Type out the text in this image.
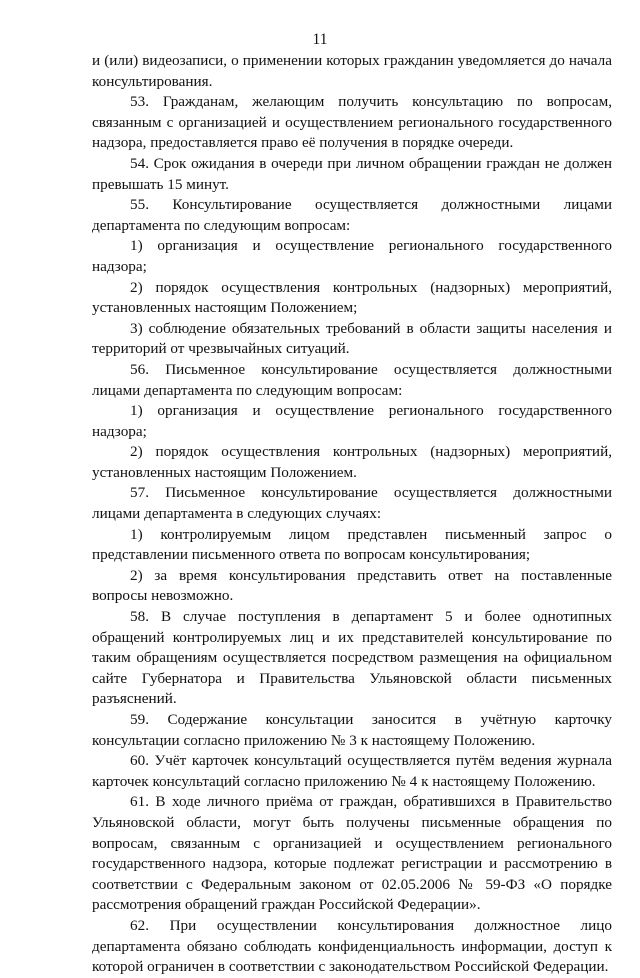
11

и (или) видеозаписи, о применении которых гражданин уведомляется до начала консультирования.

53. Гражданам, желающим получить консультацию по вопросам, связанным с организацией и осуществлением регионального государственного надзора, предоставляется право её получения в порядке очереди.

54. Срок ожидания в очереди при личном обращении граждан не должен превышать 15 минут.

55. Консультирование осуществляется должностными лицами департамента по следующим вопросам:

1) организация и осуществление регионального государственного надзора;

2) порядок осуществления контрольных (надзорных) мероприятий, установленных настоящим Положением;

3) соблюдение обязательных требований в области защиты населения и территорий от чрезвычайных ситуаций.

56. Письменное консультирование осуществляется должностными лицами департамента по следующим вопросам:

1) организация и осуществление регионального государственного надзора;

2) порядок осуществления контрольных (надзорных) мероприятий, установленных настоящим Положением.

57. Письменное консультирование осуществляется должностными лицами департамента в следующих случаях:

1) контролируемым лицом представлен письменный запрос о представлении письменного ответа по вопросам консультирования;

2) за время консультирования представить ответ на поставленные вопросы невозможно.

58. В случае поступления в департамент 5 и более однотипных обращений контролируемых лиц и их представителей консультирование по таким обращениям осуществляется посредством размещения на официальном сайте Губернатора и Правительства Ульяновской области письменных разъяснений.

59. Содержание консультации заносится в учётную карточку консультации согласно приложению № 3 к настоящему Положению.

60. Учёт карточек консультаций осуществляется путём ведения журнала карточек консультаций согласно приложению № 4 к настоящему Положению.

61. В ходе личного приёма от граждан, обратившихся в Правительство Ульяновской области, могут быть получены письменные обращения по вопросам, связанным с организацией и осуществлением регионального государственного надзора, которые подлежат регистрации и рассмотрению в соответствии с Федеральным законом от 02.05.2006 № 59-ФЗ «О порядке рассмотрения обращений граждан Российской Федерации».

62. При осуществлении консультирования должностное лицо департамента обязано соблюдать конфиденциальность информации, доступ к которой ограничен в соответствии с законодательством Российской Федерации.
